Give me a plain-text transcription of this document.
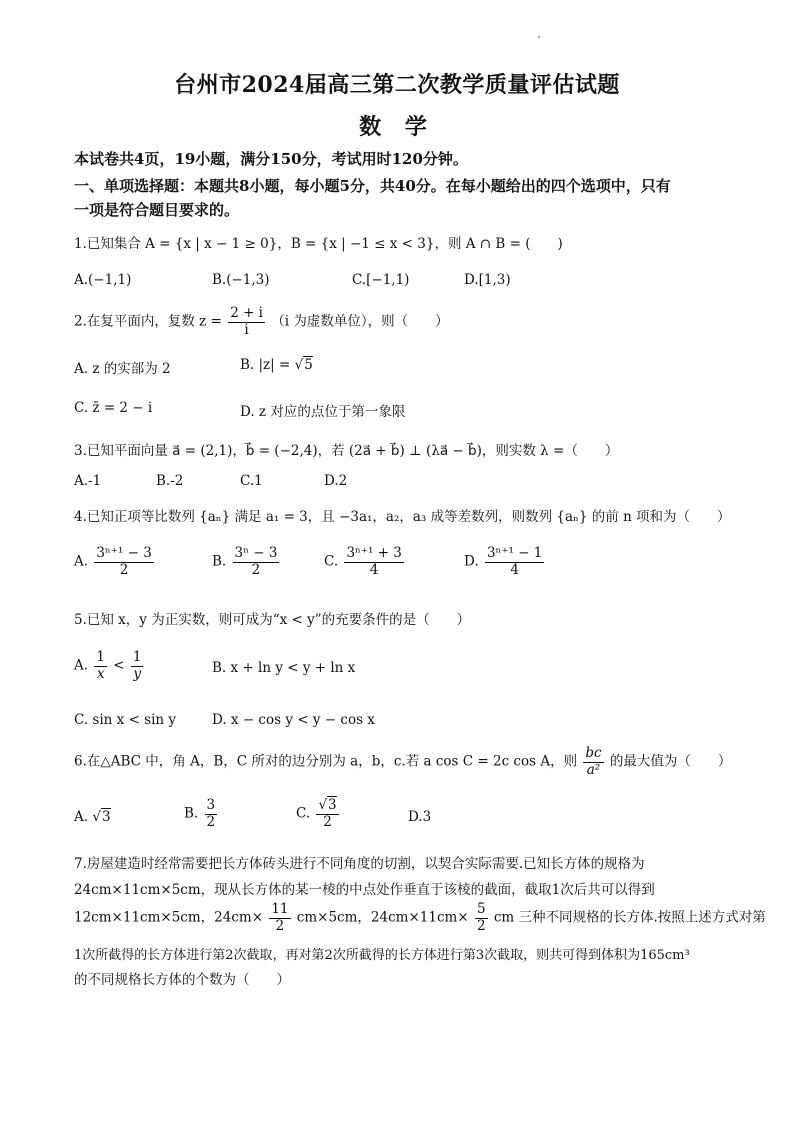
台州市2024届高三第二次教学质量评估试题
数 学
本试卷共4页，19小题，满分150分，考试用时120分钟。
一、单项选择题：本题共8小题，每小题5分，共40分。在每小题给出的四个选项中，只有
一项是符合题目要求的。
1.已知集合 A = {x | x − 1 ≥ 0}，B = {x | −1 ≤ x < 3}，则 A ∩ B = (　　)
A.(−1,1)	B.(−1,3)	C.[−1,1)	D.[1,3)
2.在复平面内，复数 $z = \frac{2 + i}{i} (i$ 为虚数单位），则（　　）
A. z 的实部为 2	B. |z| = √5
C. z̄ = 2 − i	D. z 对应的点位于第一象限
3.已知平面向量 a⃗ = (2,1)，b⃗ = (−2,4)，若 (2a⃗ + b⃗) ⊥ (λa⃗ − b⃗)，则实数 λ =（　　）
A.-1	B.-2	C.1	D.2
4.已知正项等比数列 {aₙ} 满足 a₁ = 3，且 −3a₁，a₂，a₃ 成等差数列，则数列 {aₙ} 的前 n 项和为（　　）
A. $\frac{\text{3ⁿ⁺¹ − 3}}{2}$	B. $\frac{\text{3ⁿ − 3}}{2}$	C. $\frac{\text{3ⁿ⁺¹ + 3}}{4}$	D. $\frac{\text{3ⁿ⁺¹ − 1}}{4}$
5.已知 x，y 为正实数，则可成为“x < y”的充要条件的是（　　）
A. $\frac{1}{x} < \frac{1}{y}$	B. x + ln y < y + ln x
C. sin x < sin y	D. x − cos y < y − cos x
6.在△ABC 中，角 A，B，C 所对的边分别为 a，b，c.若 a cos C = 2c cos A，则 $\frac{bc}{\text{a²}}$ 的最大值为（　　）
A. √3	B. $\frac{3}{2}$	C. $\frac{√3}{2}$	D.3
7.房屋建造时经常需要把长方体砖头进行不同角度的切割，以契合实际需要.已知长方体的规格为
24cm×11cm×5cm，现从长方体的某一棱的中点处作垂直于该棱的截面，截取1次后共可以得到
12cm×11cm×5cm，$24cm\times \frac{11}{2} cm\times 5cm$，$24cm\times 11cm\times \frac{5}{2}$ cm 三种不同规格的长方体.按照上述方式对第
1次所截得的长方体进行第2次截取，再对第2次所截得的长方体进行第3次截取，则共可得到体积为165cm³
的不同规格长方体的个数为（　　）
